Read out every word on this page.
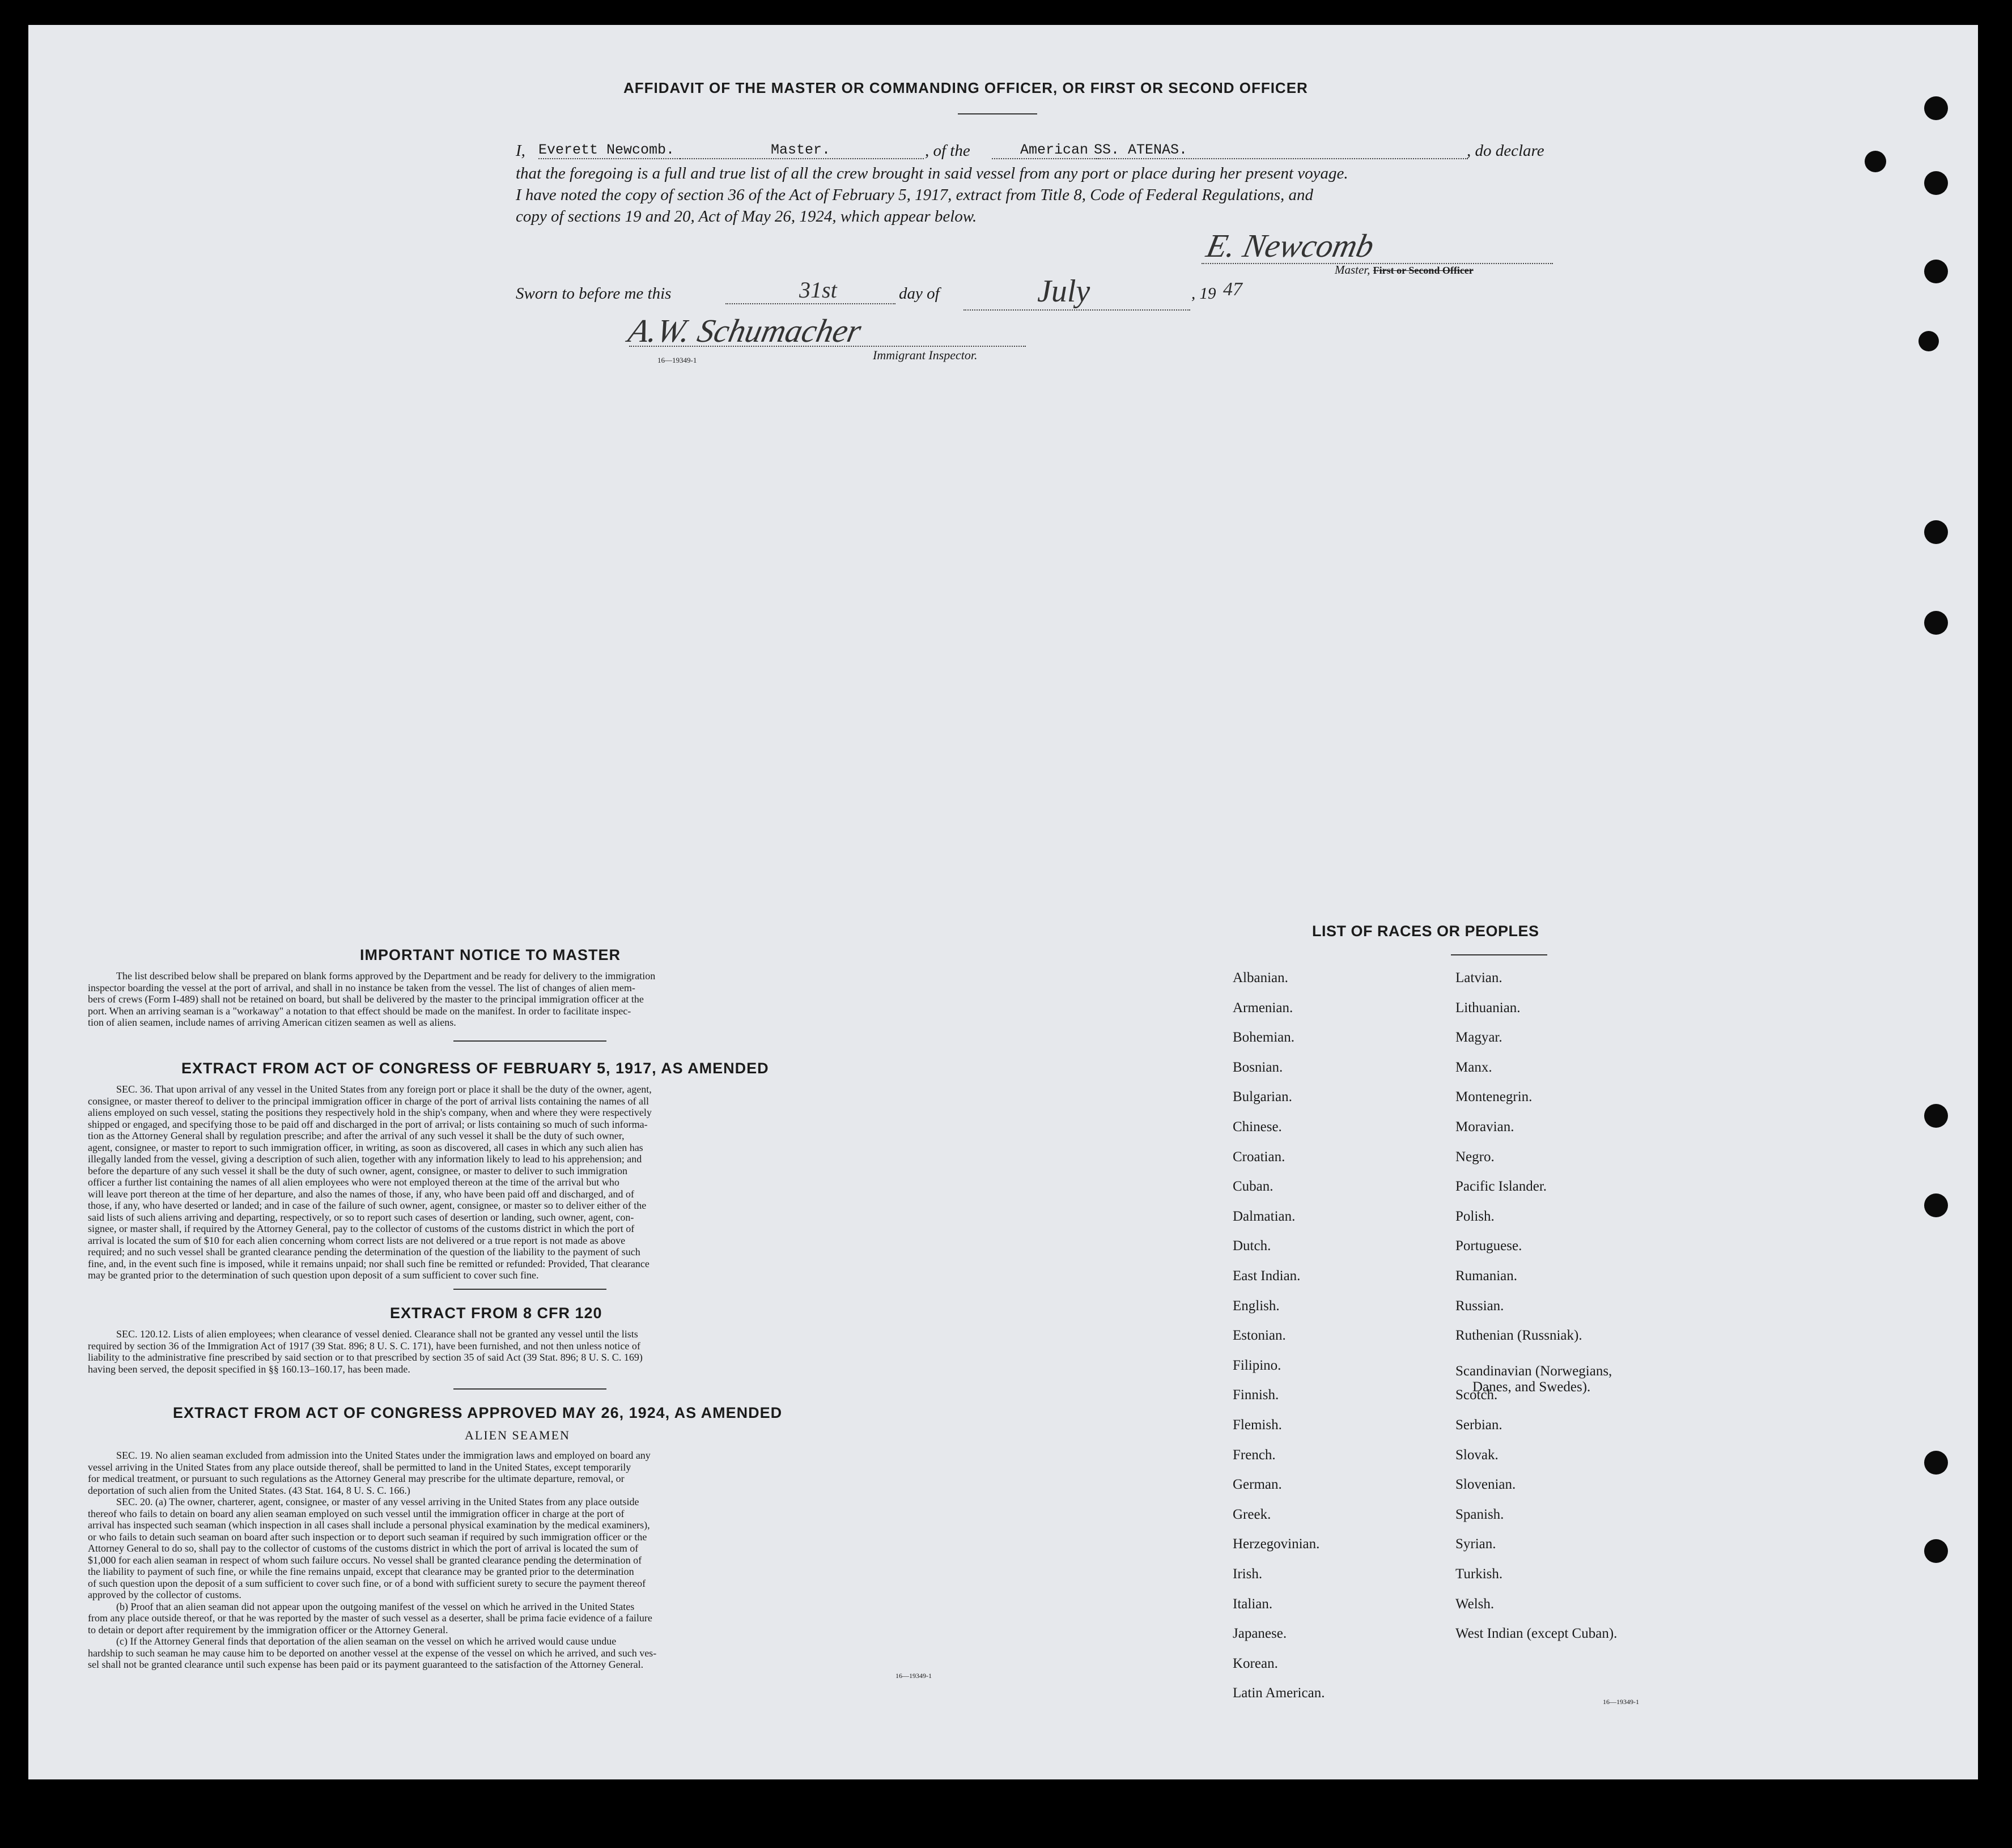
AFFIDAVIT OF THE MASTER OR COMMANDING OFFICER, OR FIRST OR SECOND OFFICER
I, Everett Newcomb.	Master.	, of the	American SS. ATENAS.	, do declare
that the foregoing is a full and true list of all the crew brought in said vessel from any port or place during her present voyage.
I have noted the copy of section 36 of the Act of February 5, 1917, extract from Title 8, Code of Federal Regulations, and
copy of sections 19 and 20, Act of May 26, 1924, which appear below.
E. Newcomb
Master, First or Second Officer
Sworn to before me this	31st	day of	July	, 19 47
A.W. Schumacher
16—19349-1	Immigrant Inspector.
IMPORTANT NOTICE TO MASTER
The list described below shall be prepared on blank forms approved by the Department and be ready for delivery to the immigration
inspector boarding the vessel at the port of arrival, and shall in no instance be taken from the vessel. The list of changes of alien mem-
bers of crews (Form I-489) shall not be retained on board, but shall be delivered by the master to the principal immigration officer at the
port. When an arriving seaman is a "workaway" a notation to that effect should be made on the manifest. In order to facilitate inspec-
tion of alien seamen, include names of arriving American citizen seamen as well as aliens.
EXTRACT FROM ACT OF CONGRESS OF FEBRUARY 5, 1917, AS AMENDED
SEC. 36. That upon arrival of any vessel in the United States from any foreign port or place it shall be the duty of the owner, agent,
consignee, or master thereof to deliver to the principal immigration officer in charge of the port of arrival lists containing the names of all
aliens employed on such vessel, stating the positions they respectively hold in the ship's company, when and where they were respectively
shipped or engaged, and specifying those to be paid off and discharged in the port of arrival; or lists containing so much of such informa-
tion as the Attorney General shall by regulation prescribe; and after the arrival of any such vessel it shall be the duty of such owner,
agent, consignee, or master to report to such immigration officer, in writing, as soon as discovered, all cases in which any such alien has
illegally landed from the vessel, giving a description of such alien, together with any information likely to lead to his apprehension; and
before the departure of any such vessel it shall be the duty of such owner, agent, consignee, or master to deliver to such immigration
officer a further list containing the names of all alien employees who were not employed thereon at the time of the arrival but who
will leave port thereon at the time of her departure, and also the names of those, if any, who have been paid off and discharged, and of
those, if any, who have deserted or landed; and in case of the failure of such owner, agent, consignee, or master so to deliver either of the
said lists of such aliens arriving and departing, respectively, or so to report such cases of desertion or landing, such owner, agent, con-
signee, or master shall, if required by the Attorney General, pay to the collector of customs of the customs district in which the port of
arrival is located the sum of $10 for each alien concerning whom correct lists are not delivered or a true report is not made as above
required; and no such vessel shall be granted clearance pending the determination of the question of the liability to the payment of such
fine, and, in the event such fine is imposed, while it remains unpaid; nor shall such fine be remitted or refunded: Provided, That clearance
may be granted prior to the determination of such question upon deposit of a sum sufficient to cover such fine.
EXTRACT FROM 8 CFR 120
SEC. 120.12. Lists of alien employees; when clearance of vessel denied. Clearance shall not be granted any vessel until the lists
required by section 36 of the Immigration Act of 1917 (39 Stat. 896; 8 U. S. C. 171), have been furnished, and not then unless notice of
liability to the administrative fine prescribed by said section or to that prescribed by section 35 of said Act (39 Stat. 896; 8 U. S. C. 169)
having been served, the deposit specified in §§ 160.13–160.17, has been made.
EXTRACT FROM ACT OF CONGRESS APPROVED MAY 26, 1924, AS AMENDED
ALIEN SEAMEN
SEC. 19. No alien seaman excluded from admission into the United States under the immigration laws and employed on board any
vessel arriving in the United States from any place outside thereof, shall be permitted to land in the United States, except temporarily
for medical treatment, or pursuant to such regulations as the Attorney General may prescribe for the ultimate departure, removal, or
deportation of such alien from the United States. (43 Stat. 164, 8 U. S. C. 166.)
SEC. 20. (a) The owner, charterer, agent, consignee, or master of any vessel arriving in the United States from any place outside
thereof who fails to detain on board any alien seaman employed on such vessel until the immigration officer in charge at the port of
arrival has inspected such seaman (which inspection in all cases shall include a personal physical examination by the medical examiners),
or who fails to detain such seaman on board after such inspection or to deport such seaman if required by such immigration officer or the
Attorney General to do so, shall pay to the collector of customs of the customs district in which the port of arrival is located the sum of
$1,000 for each alien seaman in respect of whom such failure occurs. No vessel shall be granted clearance pending the determination of
the liability to payment of such fine, or while the fine remains unpaid, except that clearance may be granted prior to the determination
of such question upon the deposit of a sum sufficient to cover such fine, or of a bond with sufficient surety to secure the payment thereof
approved by the collector of customs.
(b) Proof that an alien seaman did not appear upon the outgoing manifest of the vessel on which he arrived in the United States
from any place outside thereof, or that he was reported by the master of such vessel as a deserter, shall be prima facie evidence of a failure
to detain or deport after requirement by the immigration officer or the Attorney General.
(c) If the Attorney General finds that deportation of the alien seaman on the vessel on which he arrived would cause undue
hardship to such seaman he may cause him to be deported on another vessel at the expense of the vessel on which he arrived, and such ves-
sel shall not be granted clearance until such expense has been paid or its payment guaranteed to the satisfaction of the Attorney General.
16—19349-1
LIST OF RACES OR PEOPLES
16—19349-1
Albanian.
Armenian.
Bohemian.
Bosnian.
Bulgarian.
Chinese.
Croatian.
Cuban.
Dalmatian.
Dutch.
East Indian.
English.
Estonian.
Filipino.
Finnish.
Flemish.
French.
German.
Greek.
Herzegovinian.
Irish.
Italian.
Japanese.
Korean.
Latin American.
Latvian.
Lithuanian.
Magyar.
Manx.
Montenegrin.
Moravian.
Negro.
Pacific Islander.
Polish.
Portuguese.
Rumanian.
Russian.
Ruthenian (Russniak).
Scandinavian (Norwegians,
Danes, and Swedes).
Scotch.
Serbian.
Slovak.
Slovenian.
Spanish.
Syrian.
Turkish.
Welsh.
West Indian (except Cuban).
